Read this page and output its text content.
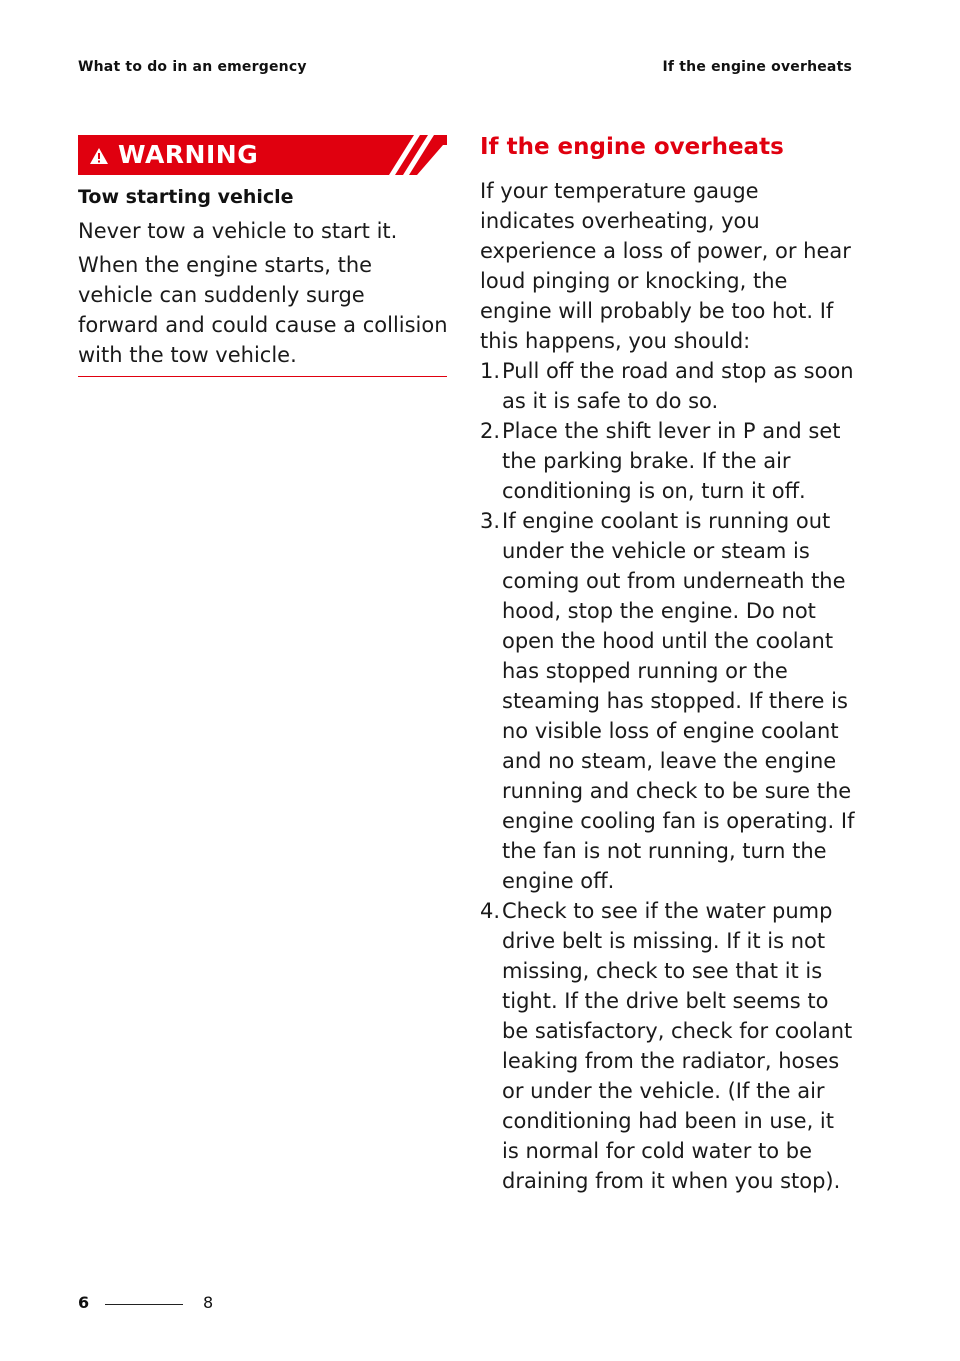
What to do in an emergency	If the engine overheats
WARNING
Tow starting vehicle

Never tow a vehicle to start it.

When the engine starts, the vehicle can suddenly surge forward and could cause a collision with the tow vehicle.

If the engine overheats

If your temperature gauge indicates overheating, you experience a loss of power, or hear loud pinging or knocking, the engine will probably be too hot. If this happens, you should:

1. Pull off the road and stop as soon as it is safe to do so.
2. Place the shift lever in P and set the parking brake. If the air conditioning is on, turn it off.
3. If engine coolant is running out under the vehicle or steam is coming out from underneath the hood, stop the engine. Do not open the hood until the coolant has stopped running or the steaming has stopped. If there is no visible loss of engine coolant and no steam, leave the engine running and check to be sure the engine cooling fan is operating. If the fan is not running, turn the engine off.
4. Check to see if the water pump drive belt is missing. If it is not missing, check to see that it is tight. If the drive belt seems to be satisfactory, check for coolant leaking from the radiator, hoses or under the vehicle. (If the air conditioning had been in use, it is normal for cold water to be draining from it when you stop).
6	8
